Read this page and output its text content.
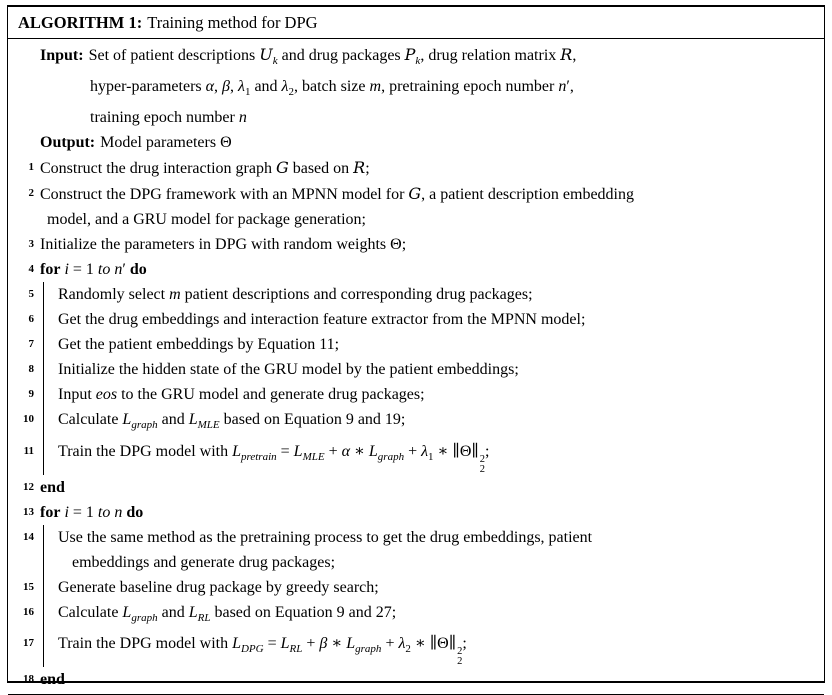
ALGORITHM 1: Training method for DPG
Input: Set of patient descriptions $U_k$ and drug packages $P_k$, drug relation matrix R,
hyper-parameters α, β, $\lambda_1$ and $\lambda_2$, batch size m, pretraining epoch number n′,
training epoch number n
Output: Model parameters Θ
1 Construct the drug interaction graph G based on R;
2 Construct the DPG framework with an MPNN model for G, a patient description embedding
model, and a GRU model for package generation;
3 Initialize the parameters in DPG with random weights Θ;
4 for i = 1 to n′ do
5	Randomly select m patient descriptions and corresponding drug packages;
6	Get the drug embeddings and interaction feature extractor from the MPNN model;
7	Get the patient embeddings by Equation 11;
8	Initialize the hidden state of the GRU model by the patient embeddings;
9	Input eos to the GRU model and generate drug packages;
10	Calculate $L_{graph}$ and $L_{MLE}$ based on Equation 9 and 19;
11	Train the DPG model with $L_{pretrain} = L_{MLE} + \alpha$ ∗ $L_{graph} + \lambda_1$ ∗ ∥Θ∥ 2
2
;
12 end
13 for i = 1 to n do
14	Use the same method as the pretraining process to get the drug embeddings, patient
embeddings and generate drug packages;
15	Generate baseline drug package by greedy search;
16	Calculate $L_{graph}$ and $L_{RL}$ based on Equation 9 and 27;
17	Train the DPG model with $L_{DPG} = L_{RL} + \beta$ ∗ $L_{graph} + \lambda_2$ ∗ ∥Θ∥ 2
2
;
18 end
